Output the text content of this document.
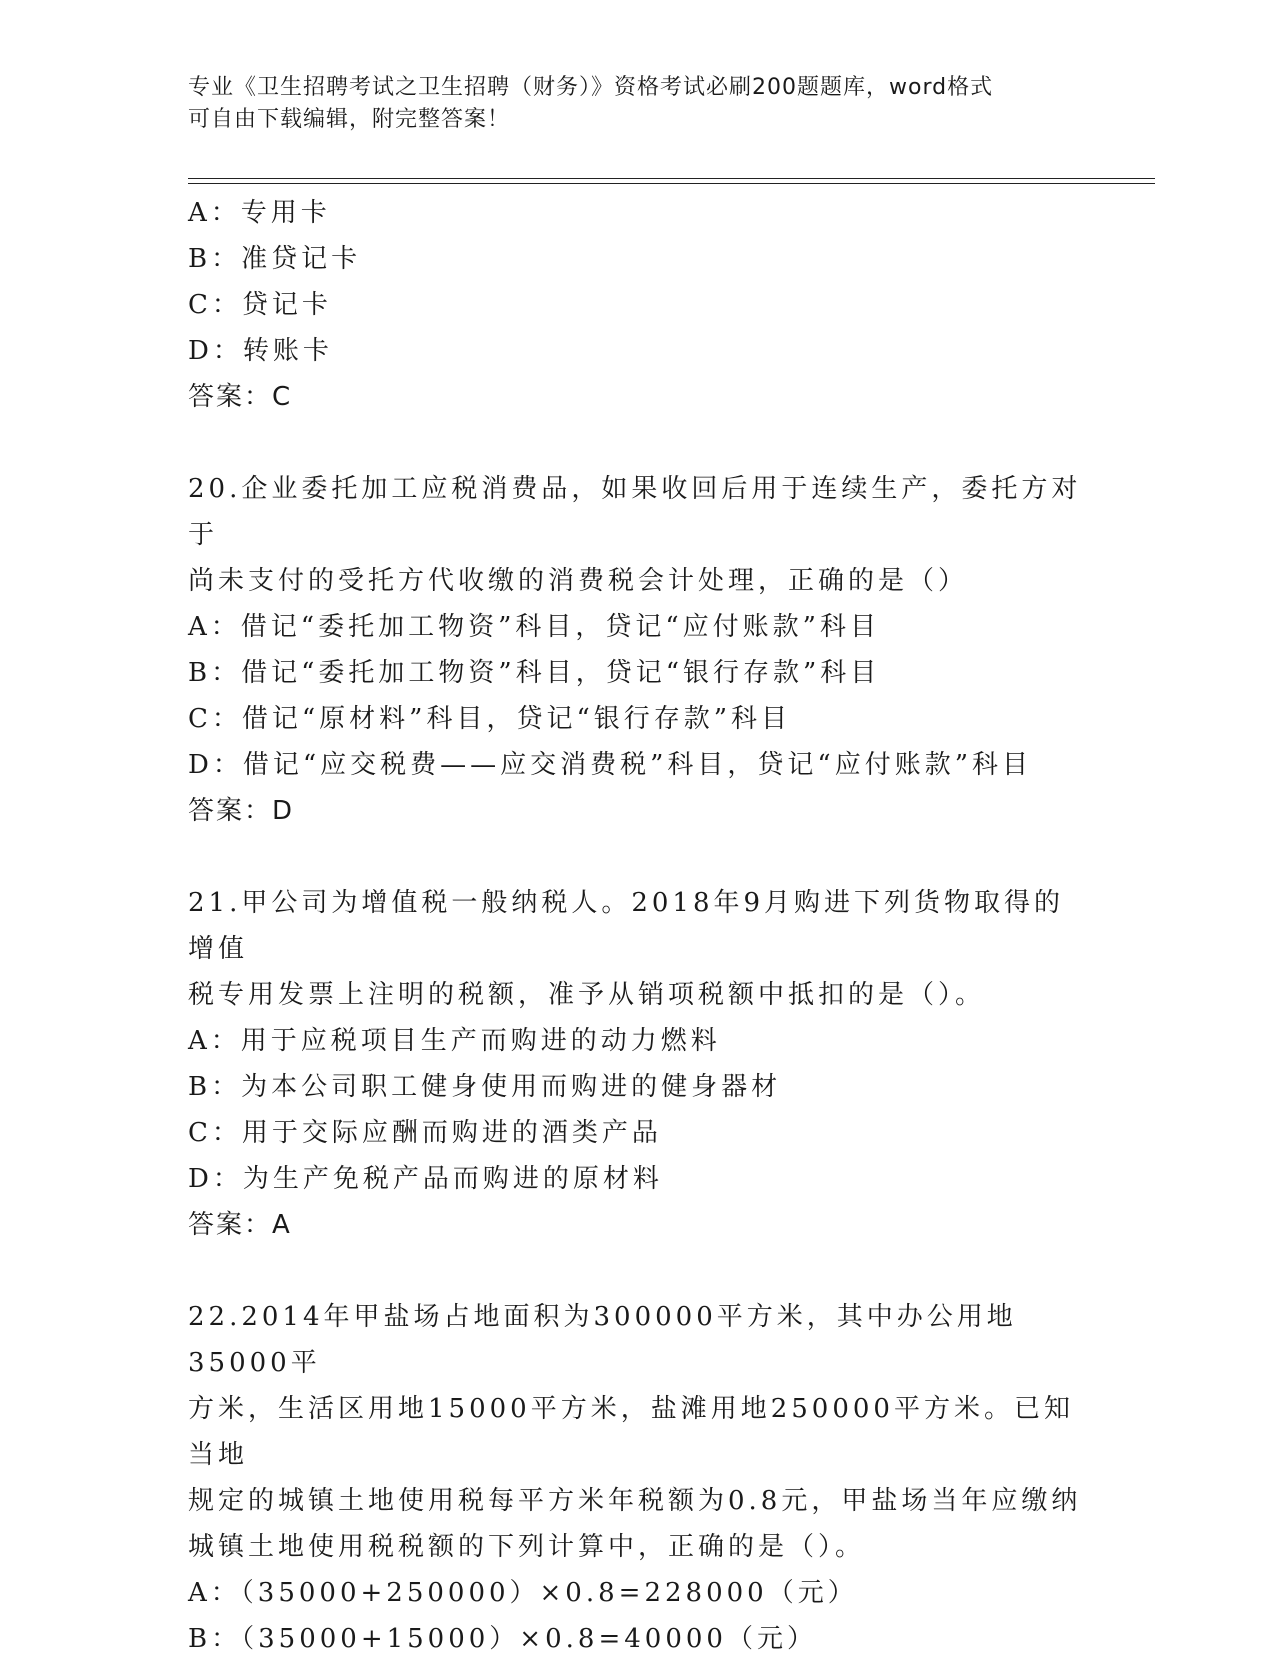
专业《卫生招聘考试之卫生招聘（财务）》资格考试必刷200题题库，word格式
可自由下载编辑，附完整答案！
A：专用卡
B：准贷记卡
C：贷记卡
D：转账卡
答案：C
20.企业委托加工应税消费品，如果收回后用于连续生产，委托方对于
尚未支付的受托方代收缴的消费税会计处理，正确的是（）
A：借记“委托加工物资”科目，贷记“应付账款”科目
B：借记“委托加工物资”科目，贷记“银行存款”科目
C：借记“原材料”科目，贷记“银行存款”科目
D：借记“应交税费——应交消费税”科目，贷记“应付账款”科目
答案：D
21.甲公司为增值税一般纳税人。2018年9月购进下列货物取得的增值
税专用发票上注明的税额，准予从销项税额中抵扣的是（）。
A：用于应税项目生产而购进的动力燃料
B：为本公司职工健身使用而购进的健身器材
C：用于交际应酬而购进的酒类产品
D：为生产免税产品而购进的原材料
答案：A
22.2014年甲盐场占地面积为300000平方米，其中办公用地35000平
方米，生活区用地15000平方米，盐滩用地250000平方米。已知当地
规定的城镇土地使用税每平方米年税额为0.8元，甲盐场当年应缴纳
城镇土地使用税税额的下列计算中，正确的是（）。
A：（35000+250000）×0.8=228000（元）
B：（35000+15000）×0.8=40000（元）
